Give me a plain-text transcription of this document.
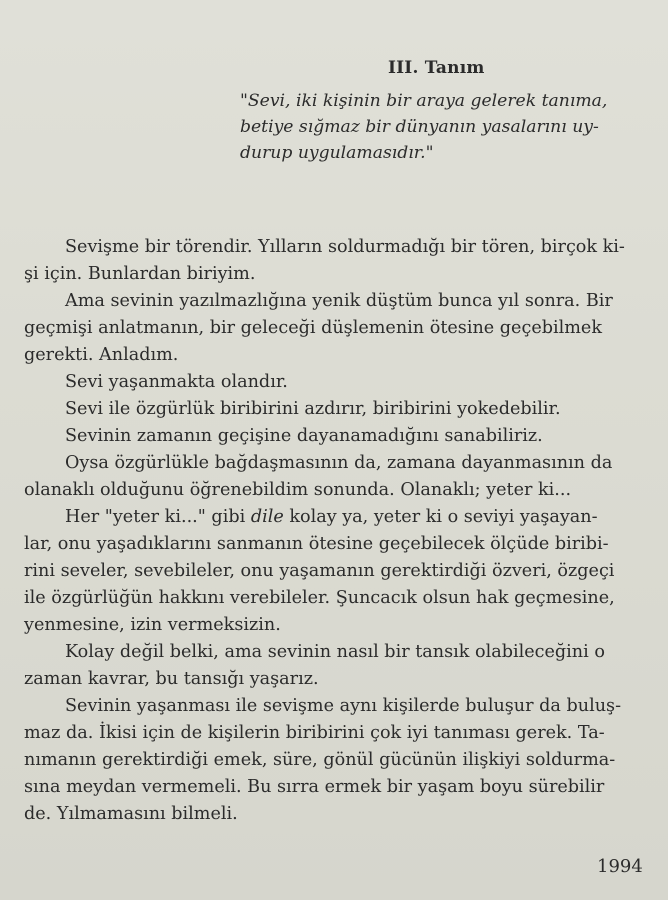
III. Tanım
"Sevi, iki kişinin bir araya gelerek tanıma,
betiye sığmaz bir dünyanın yasalarını uy-
durup uygulamasıdır."
Sevişme bir törendir. Yılların soldurmadığı bir tören, birçok ki-
şi için. Bunlardan biriyim.
Ama sevinin yazılmazlığına yenik düştüm bunca yıl sonra. Bir
geçmişi anlatmanın, bir geleceği düşlemenin ötesine geçebilmek
gerekti. Anladım.
Sevi yaşanmakta olandır.
Sevi ile özgürlük biribirini azdırır, biribirini yokedebilir.
Sevinin zamanın geçişine dayanamadığını sanabiliriz.
Oysa özgürlükle bağdaşmasının da, zamana dayanmasının da
olanaklı olduğunu öğrenebildim sonunda. Olanaklı; yeter ki...
Her "yeter ki..." gibi dile kolay ya, yeter ki o seviyi yaşayan-
lar, onu yaşadıklarını sanmanın ötesine geçebilecek ölçüde biribi-
rini seveler, sevebileler, onu yaşamanın gerektirdiği özveri, özgeçi
ile özgürlüğün hakkını verebileler. Şuncacık olsun hak geçmesine,
yenmesine, izin vermeksizin.
Kolay değil belki, ama sevinin nasıl bir tansık olabileceğini o
zaman kavrar, bu tansığı yaşarız.
Sevinin yaşanması ile sevişme aynı kişilerde buluşur da buluş-
maz da. İkisi için de kişilerin biribirini çok iyi tanıması gerek. Ta-
nımanın gerektirdiği emek, süre, gönül gücünün ilişkiyi soldurma-
sına meydan vermemeli. Bu sırra ermek bir yaşam boyu sürebilir
de. Yılmamasını bilmeli.

1994
